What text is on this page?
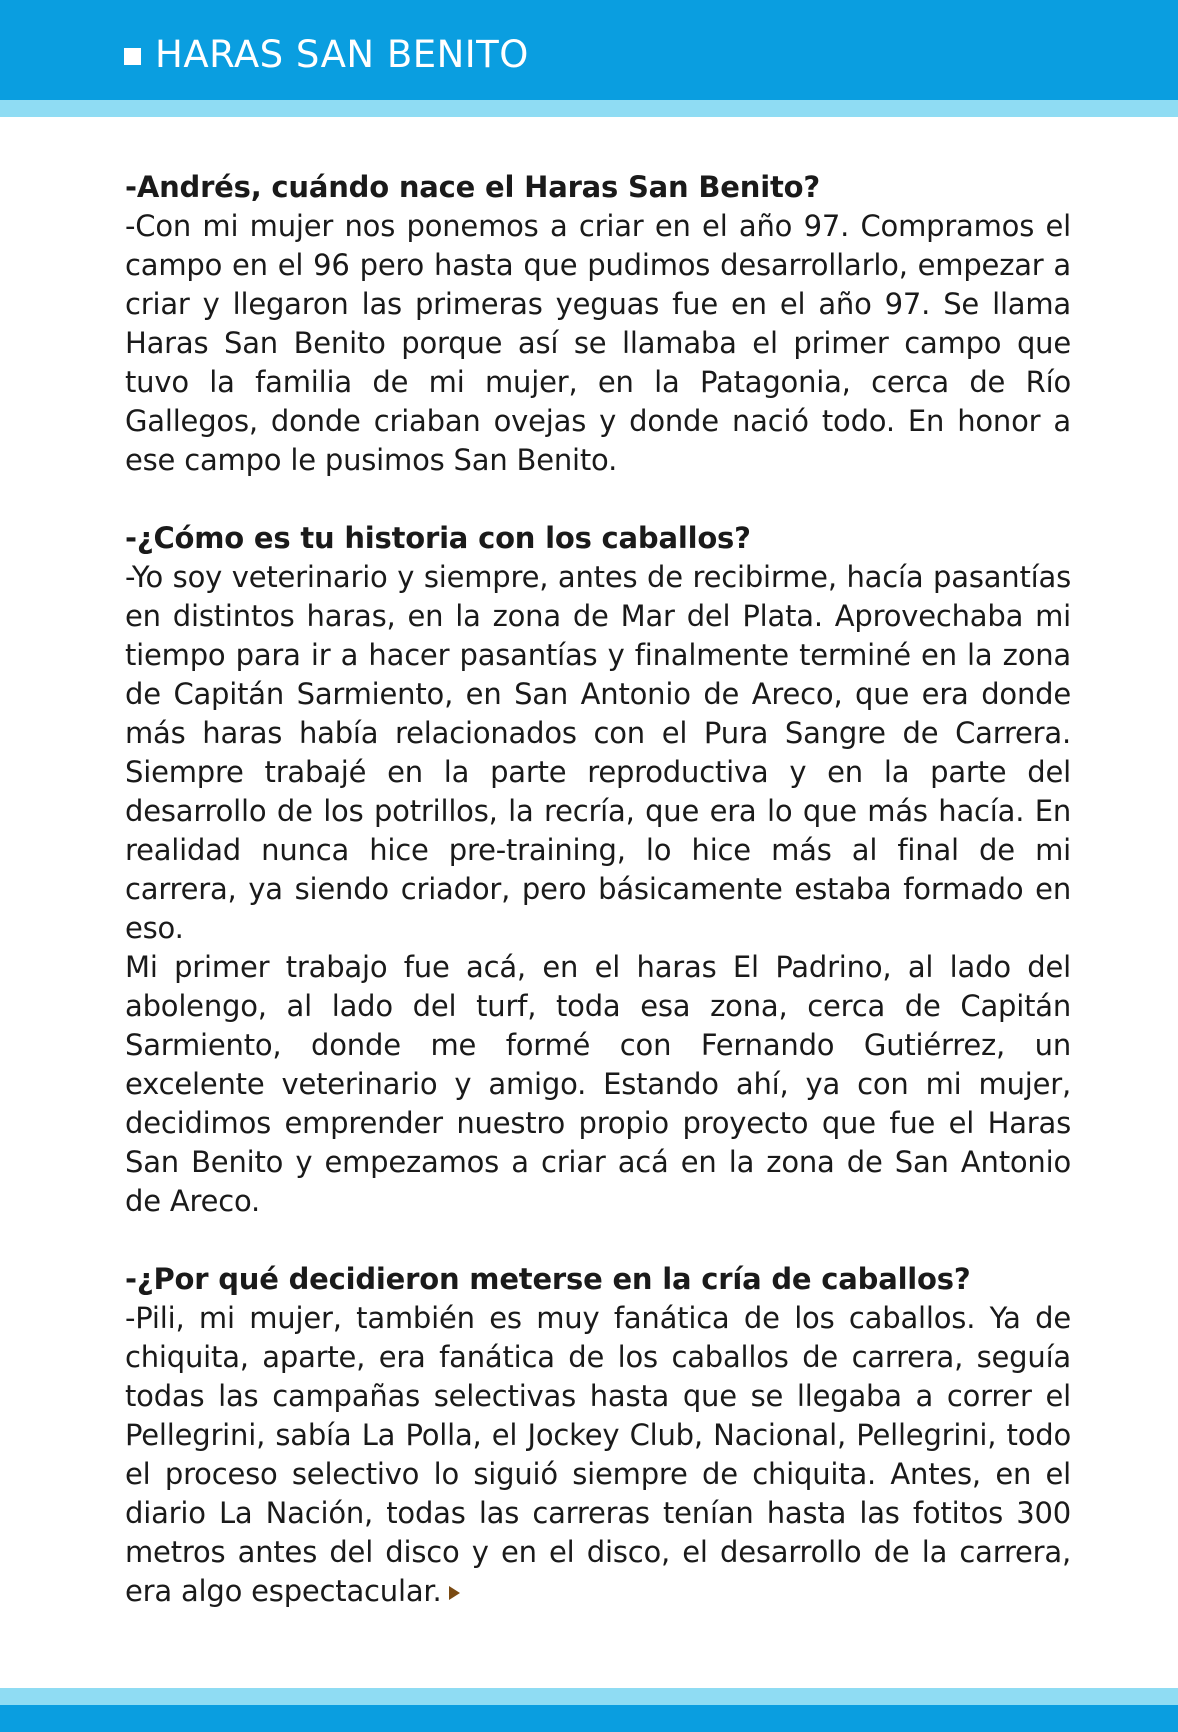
HARAS SAN BENITO

-Andrés, cuándo nace el Haras San Benito?

-Con mi mujer nos ponemos a criar en el año 97. Compramos el campo en el 96 pero hasta que pudimos desarrollarlo, empezar a criar y llegaron las primeras yeguas fue en el año 97. Se llama Haras San Benito porque así se llamaba el primer campo que tuvo la familia de mi mujer, en la Patagonia, cerca de Río Gallegos, donde criaban ovejas y donde nació todo. En honor a ese campo le pusimos San Benito.

-¿Cómo es tu historia con los caballos?

-Yo soy veterinario y siempre, antes de recibirme, hacía pasantías en distintos haras, en la zona de Mar del Plata. Aprovechaba mi tiempo para ir a hacer pasantías y finalmente terminé en la zona de Capitán Sarmiento, en San Antonio de Areco, que era donde más haras había relacionados con el Pura Sangre de Carrera. Siempre trabajé en la parte reproductiva y en la parte del desarrollo de los potrillos, la recría, que era lo que más hacía. En realidad nunca hice pre-training, lo hice más al final de mi carrera, ya siendo criador, pero básicamente estaba formado en eso.

Mi primer trabajo fue acá, en el haras El Padrino, al lado del abolengo, al lado del turf, toda esa zona, cerca de Capitán Sarmiento, donde me formé con Fernando Gutiérrez, un excelente veterinario y amigo. Estando ahí, ya con mi mujer, decidimos emprender nuestro propio proyecto que fue el Haras San Benito y empezamos a criar acá en la zona de San Antonio de Areco.

-¿Por qué decidieron meterse en la cría de caballos?

-Pili, mi mujer, también es muy fanática de los caballos. Ya de chiquita, aparte, era fanática de los caballos de carrera, seguía todas las campañas selectivas hasta que se llegaba a correr el Pellegrini, sabía La Polla, el Jockey Club, Nacional, Pellegrini, todo el proceso selectivo lo siguió siempre de chiquita. Antes, en el diario La Nación, todas las carreras tenían hasta las fotitos 300 metros antes del disco y en el disco, el desarrollo de la carrera, era algo espectacular.
